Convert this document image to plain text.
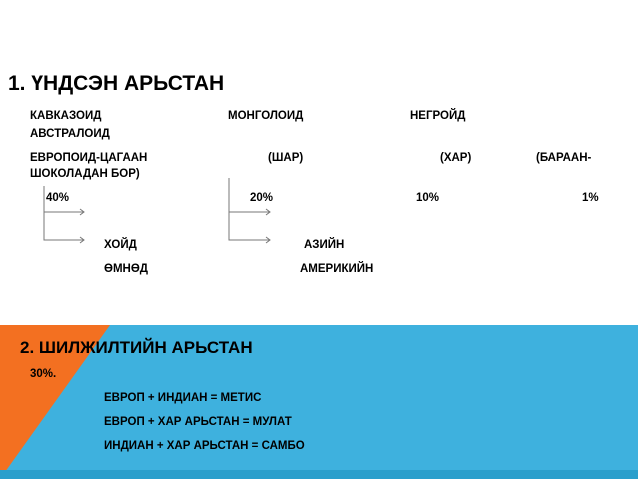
1. ҮНДСЭН АРЬСТАН
КАВКАЗОИД	МОНГОЛОИД	НЕГРОЙД
АВСТРАЛОИД
ЕВРОПОИД-ЦАГААН	(ШАР)	(ХАР)	(БАРААН-
ШОКОЛАДАН БОР)
40%	20%	10%	1%
ХОЙД
ӨМНӨД
АЗИЙН
АМЕРИКИЙН
2. ШИЛЖИЛТИЙН АРЬСТАН
30%.
ЕВРОП + ИНДИАН = МЕТИС
ЕВРОП + ХАР АРЬСТАН = МУЛАТ
ИНДИАН + ХАР АРЬСТАН = САМБО
